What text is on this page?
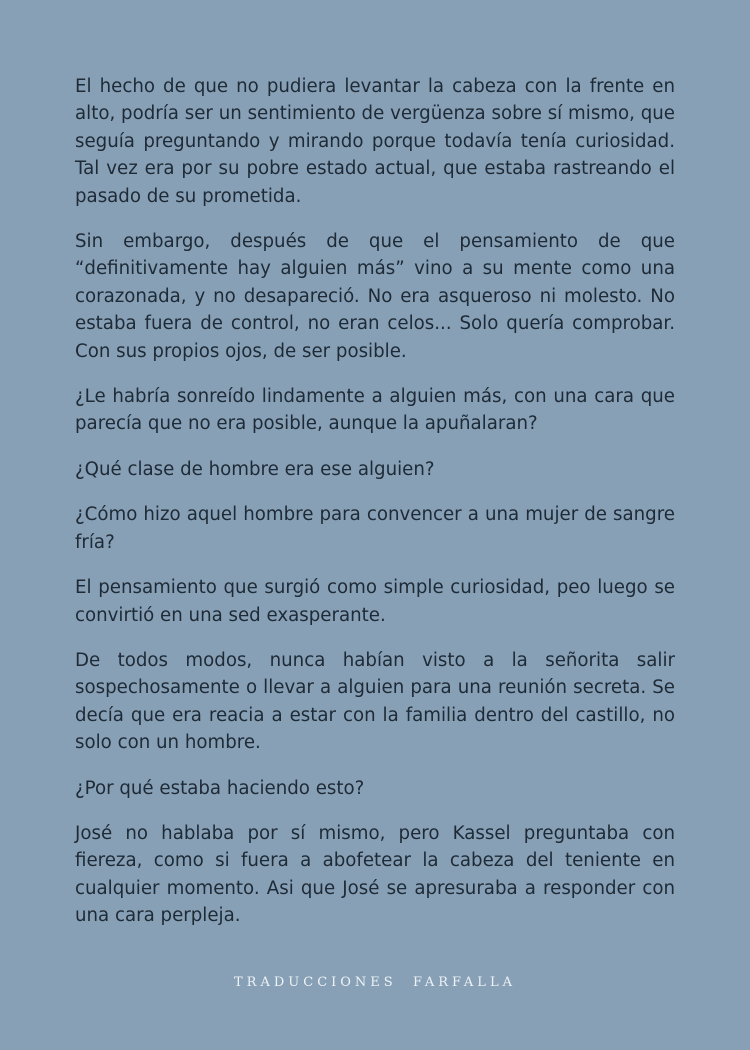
El hecho de que no pudiera levantar la cabeza con la frente en alto, podría ser un sentimiento de vergüenza sobre sí mismo, que seguía preguntando y mirando porque todavía tenía curiosidad. Tal vez era por su pobre estado actual, que estaba rastreando el pasado de su prometida.

Sin embargo, después de que el pensamiento de que “definitivamente hay alguien más” vino a su mente como una corazonada, y no desapareció. No era asqueroso ni molesto. No estaba fuera de control, no eran celos... Solo quería comprobar. Con sus propios ojos, de ser posible.

¿Le habría sonreído lindamente a alguien más, con una cara que parecía que no era posible, aunque la apuñalaran?

¿Qué clase de hombre era ese alguien?

¿Cómo hizo aquel hombre para convencer a una mujer de sangre fría?

El pensamiento que surgió como simple curiosidad, peo luego se convirtió en una sed exasperante.

De todos modos, nunca habían visto a la señorita salir sospechosamente o llevar a alguien para una reunión secreta. Se decía que era reacia a estar con la familia dentro del castillo, no solo con un hombre.

¿Por qué estaba haciendo esto?

José no hablaba por sí mismo, pero Kassel preguntaba con fiereza, como si fuera a abofetear la cabeza del teniente en cualquier momento. Asi que José se apresuraba a responder con una cara perpleja.

TRADUCCIONES  FARFALLA
